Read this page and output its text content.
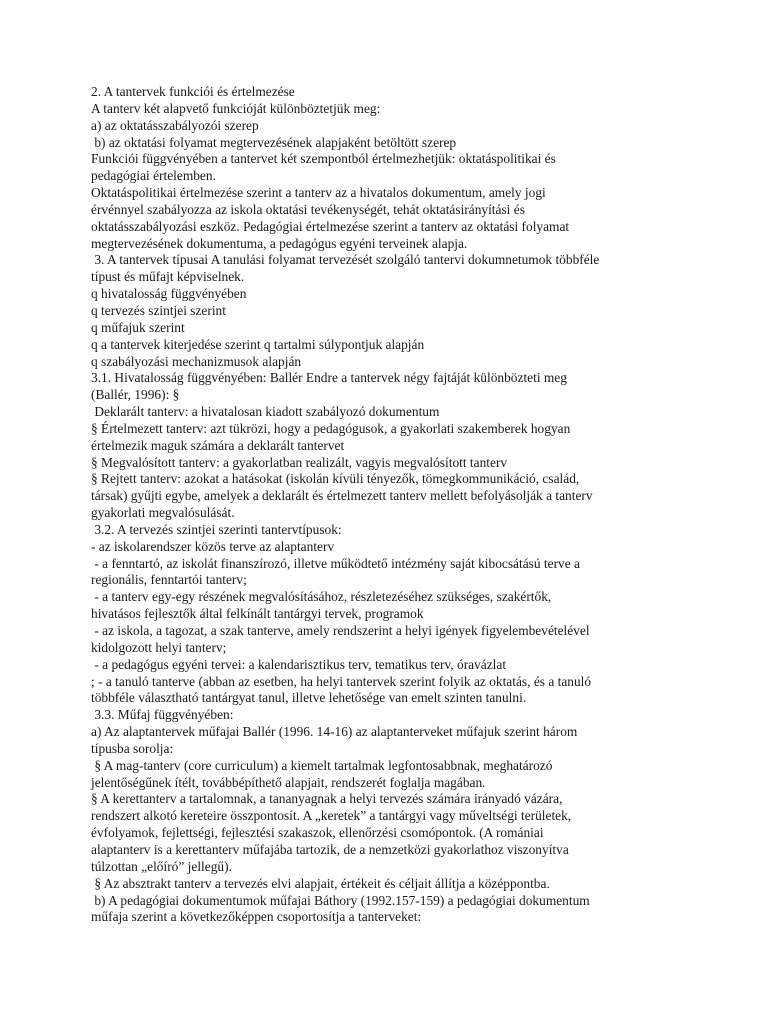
2. A tantervek funkciói és értelmezése
A tanterv két alapvető funkcióját különböztetjük meg:
a) az oktatásszabályozói szerep
b) az oktatási folyamat megtervezésének alapjaként betöltött szerep
Funkciói függvényében a tantervet két szempontból értelmezhetjük: oktatáspolitikai és
pedagógiai értelemben.
Oktatáspolitikai értelmezése szerint a tanterv az a hivatalos dokumentum, amely jogi
érvénnyel szabályozza az iskola oktatási tevékenységét, tehát oktatásirányítási és
oktatásszabályozási eszköz. Pedagógiai értelmezése szerint a tanterv az oktatási folyamat
megtervezésének dokumentuma, a pedagógus egyéni terveinek alapja.
3. A tantervek típusai A tanulási folyamat tervezését szolgáló tantervi dokumnetumok többféle
típust és műfajt képviselnek.
q hivatalosság függvényében
q tervezés szintjei szerint
q műfajuk szerint
q a tantervek kiterjedése szerint q tartalmi súlypontjuk alapján
q szabályozási mechanizmusok alapján
3.1. Hivatalosság függvényében: Ballér Endre a tantervek négy fajtáját különbözteti meg
(Ballér, 1996): §
Deklarált tanterv: a hivatalosan kiadott szabályozó dokumentum
§ Értelmezett tanterv: azt tükrözi, hogy a pedagógusok, a gyakorlati szakemberek hogyan
értelmezik maguk számára a deklarált tantervet
§ Megvalósított tanterv: a gyakorlatban realizált, vagyis megvalósított tanterv
§ Rejtett tanterv: azokat a hatásokat (iskolán kívüli tényezők, tömegkommunikáció, család,
társak) gyűjti egybe, amelyek a deklarált és értelmezett tanterv mellett befolyásolják a tanterv
gyakorlati megvalósulását.
3.2. A tervezés szintjei szerinti tantervtípusok:
- az iskolarendszer közös terve az alaptanterv
- a fenntartó, az iskolát finanszírozó, illetve működtető intézmény saját kibocsátású terve a
regionális, fenntartói tanterv;
- a tanterv egy-egy részének megvalósításához, részletezéséhez szükséges, szakértők,
hivatásos fejlesztők által felkínált tantárgyi tervek, programok
- az iskola, a tagozat, a szak tanterve, amely rendszerint a helyi igények figyelembevételével
kidolgozott helyi tanterv;
- a pedagógus egyéni tervei: a kalendarisztikus terv, tematikus terv, óravázlat
; - a tanuló tanterve (abban az esetben, ha helyi tantervek szerint folyik az oktatás, és a tanuló
többféle választható tantárgyat tanul, illetve lehetősége van emelt szinten tanulni.
3.3. Műfaj függvényében:
a) Az alaptantervek műfajai Ballér (1996. 14-16) az alaptanterveket műfajuk szerint három
típusba sorolja:
§ A mag-tanterv (core curriculum) a kiemelt tartalmak legfontosabbnak, meghatározó
jelentőségűnek ítélt, továbbépíthető alapjait, rendszerét foglalja magában.
§ A kerettanterv a tartalomnak, a tananyagnak a helyi tervezés számára irányadó vázára,
rendszert alkotó kereteire összpontosít. A „keretek” a tantárgyi vagy műveltségi területek,
évfolyamok, fejlettségi, fejlesztési szakaszok, ellenőrzési csomópontok. (A romániai
alaptanterv is a kerettanterv műfajába tartozik, de a nemzetközi gyakorlathoz viszonyítva
túlzottan „előíró” jellegű).
§ Az absztrakt tanterv a tervezés elvi alapjait, értékeit és céljait állítja a középpontba.
b) A pedagógiai dokumentumok műfajai Báthory (1992.157-159) a pedagógiai dokumentum
műfaja szerint a következőképpen csoportosítja a tanterveket:
